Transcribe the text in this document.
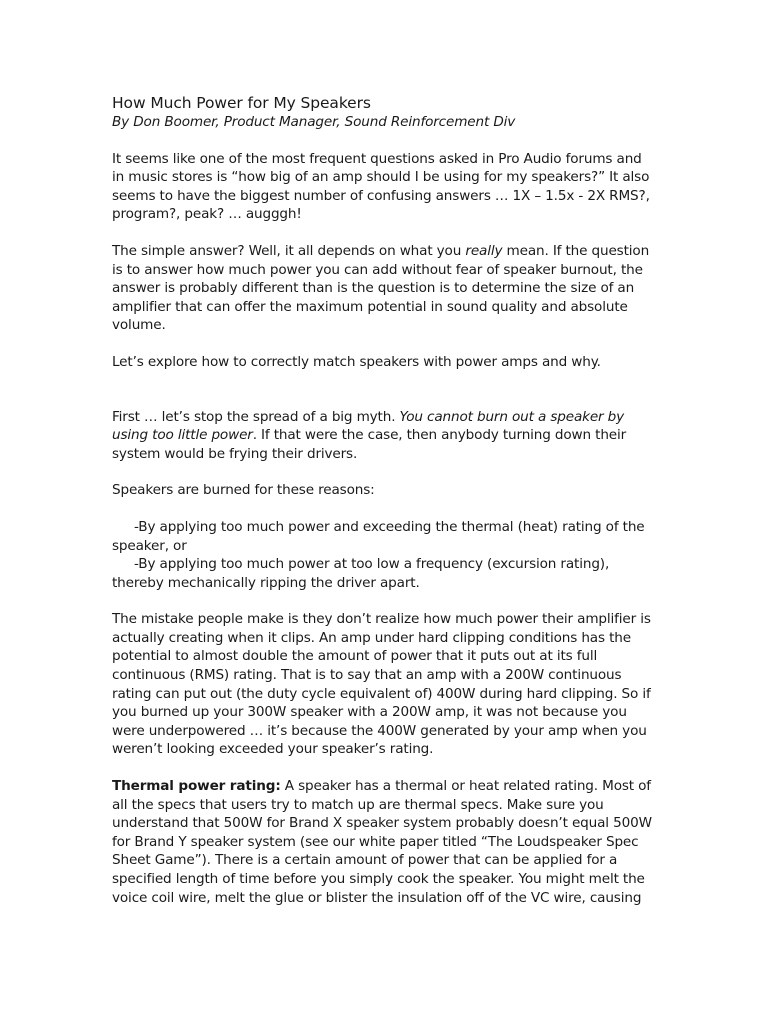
How Much Power for My Speakers
By Don Boomer, Product Manager, Sound Reinforcement Div

It seems like one of the most frequent questions asked in Pro Audio forums and in music stores is “how big of an amp should I be using for my speakers?” It also seems to have the biggest number of confusing answers … 1X – 1.5x - 2X RMS?, program?, peak? … augggh!

The simple answer? Well, it all depends on what you really mean. If the question is to answer how much power you can add without fear of speaker burnout, the answer is probably different than is the question is to determine the size of an amplifier that can offer the maximum potential in sound quality and absolute volume.

Let’s explore how to correctly match speakers with power amps and why.

First … let’s stop the spread of a big myth. You cannot burn out a speaker by using too little power. If that were the case, then anybody turning down their system would be frying their drivers.

Speakers are burned for these reasons:

-By applying too much power and exceeding the thermal (heat) rating of the speaker, or
-By applying too much power at too low a frequency (excursion rating), thereby mechanically ripping the driver apart.

The mistake people make is they don’t realize how much power their amplifier is actually creating when it clips. An amp under hard clipping conditions has the potential to almost double the amount of power that it puts out at its full continuous (RMS) rating. That is to say that an amp with a 200W continuous rating can put out (the duty cycle equivalent of) 400W during hard clipping. So if you burned up your 300W speaker with a 200W amp, it was not because you were underpowered … it’s because the 400W generated by your amp when you weren’t looking exceeded your speaker’s rating.

Thermal power rating: A speaker has a thermal or heat related rating. Most of all the specs that users try to match up are thermal specs. Make sure you understand that 500W for Brand X speaker system probably doesn’t equal 500W for Brand Y speaker system (see our white paper titled “The Loudspeaker Spec Sheet Game”). There is a certain amount of power that can be applied for a specified length of time before you simply cook the speaker. You might melt the voice coil wire, melt the glue or blister the insulation off of the VC wire, causing
